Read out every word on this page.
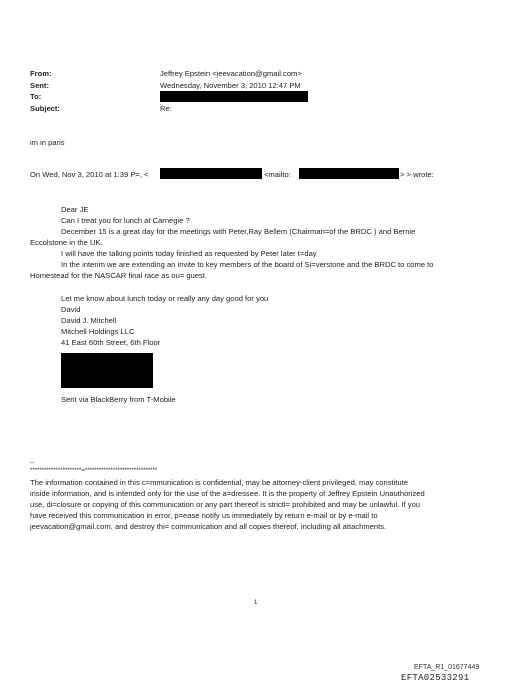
From:
Sent:
To:
Subject:
Jeffrey Epstein <jeevacation@gmail.com>
Wednesday, November 3, 2010 12:47 PM
Re:
im in paris
On Wed, Nov 3, 2010 at 1:39 P=, <	<mailto:	> > wrote:
Dear JE
Can I treat you for lunch at Carnegie ?
December 15 is a great day for the meetings with Peter,Ray Bellem (Chairman=of the BRDC ) and Bernie
Eccolstone in the UK.
I will have the talking points today finished as requested by Peter later t=day
In the interim we are extending an invite to key members of the board of Si=verstone and the BRDC to come to
Homestead for the NASCAR final race as ou= guest.
Let me know about lunch today or really any day good for you
David
David J. Mitchell
Mitchell Holdings LLC
41 East 60th Street, 6th Floor
Sent via BlackBerry from T-Mobile
--
**********************=*******************************
The information contained in this c=mmunication is confidential, may be attorney-client privileged, may constitute
inside information, and is intended only for the use of the a=dressee. It is the property of Jeffrey Epstein Unauthorized
use, di=closure or copying of this communication or any part thereof is strictl= prohibited and may be unlawful. If you
have received this communication in error, p=ease notify us immediately by return e-mail or by e-mail to
jeevacation@gmail.com, and destroy thi= communication and all copies thereof, including all attachments.
1
EFTA_R1_01677449
EFTA02533291
